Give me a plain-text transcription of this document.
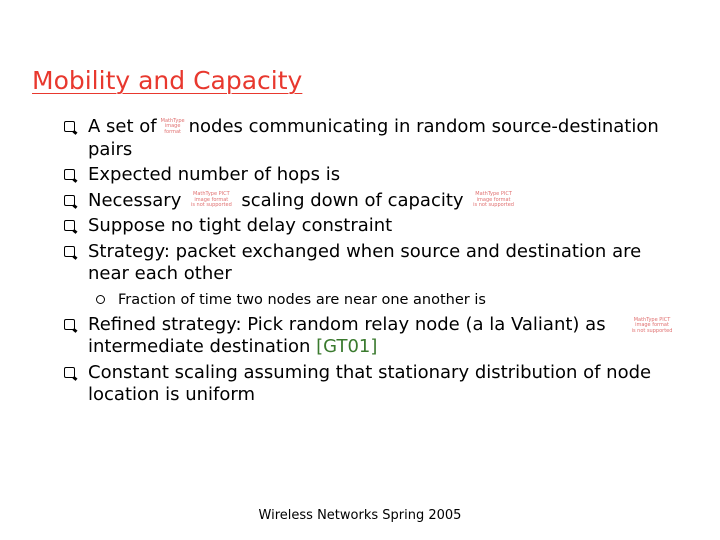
Mobility and Capacity
A set of MathType
image
format nodes communicating in random source-destination pairs
Expected number of hops is
Necessary MathType PICT
image format
is not supported scaling down of capacity MathType PICT
image format
is not supported
Suppose no tight delay constraint
Strategy: packet exchanged when source and destination are near each other
Fraction of time two nodes are near one another is
Refined strategy: Pick random relay node (a la Valiant) as intermediate destination [GT01]
MathType PICT
image format
is not supported
Constant scaling assuming that stationary distribution of node location is uniform
Wireless Networks Spring 2005
